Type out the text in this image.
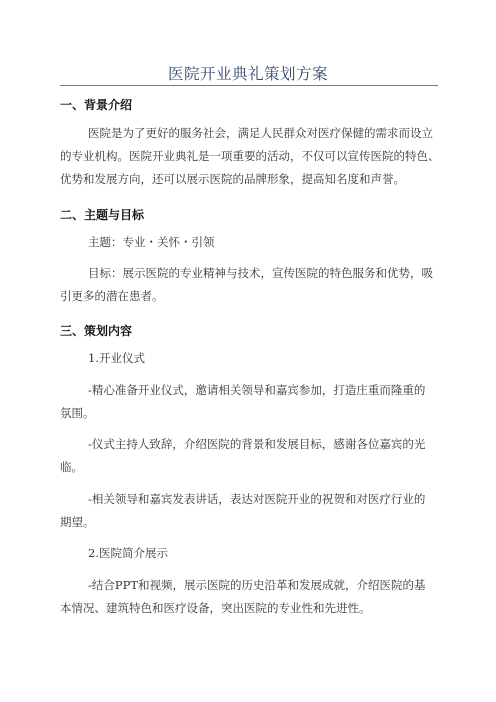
医院开业典礼策划方案
一、背景介绍
医院是为了更好的服务社会，满足人民群众对医疗保健的需求而设立
的专业机构。医院开业典礼是一项重要的活动，不仅可以宣传医院的特色、
优势和发展方向，还可以展示医院的品牌形象，提高知名度和声誉。
二、主题与目标
主题：专业・关怀・引领
目标：展示医院的专业精神与技术，宣传医院的特色服务和优势，吸
引更多的潜在患者。
三、策划内容
1.开业仪式
-精心准备开业仪式，邀请相关领导和嘉宾参加，打造庄重而隆重的
氛围。
-仪式主持人致辞，介绍医院的背景和发展目标，感谢各位嘉宾的光
临。
-相关领导和嘉宾发表讲话，表达对医院开业的祝贺和对医疗行业的
期望。
2.医院简介展示
-结合PPT和视频，展示医院的历史沿革和发展成就，介绍医院的基
本情况、建筑特色和医疗设备，突出医院的专业性和先进性。
